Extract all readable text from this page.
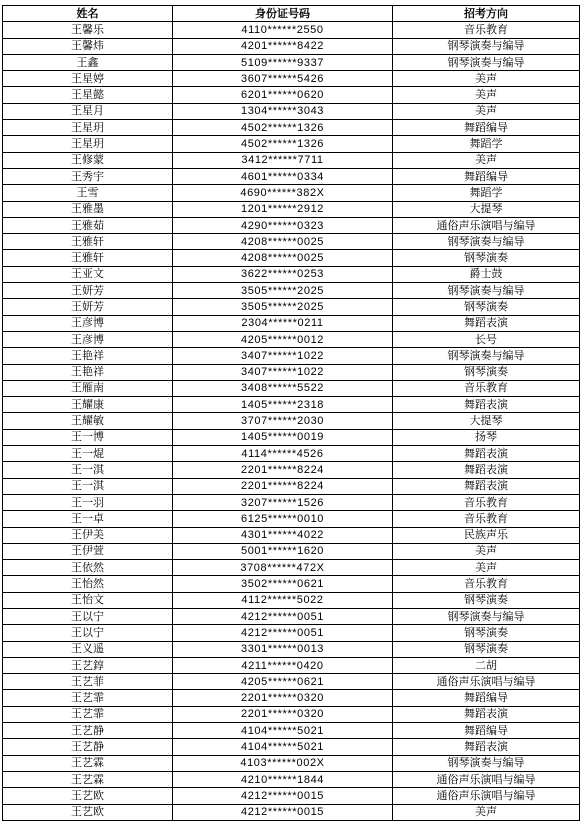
姓名	身份证号码	招考方向
王馨乐	4110******2550	音乐教育
王馨炜	4201******8422	钢琴演奏与编导
王鑫	5109******9337	钢琴演奏与编导
王星婷	3607******5426	美声
王星懿	6201******0620	美声
王星月	1304******3043	美声
王星玥	4502******1326	舞蹈编导
王星玥	4502******1326	舞蹈学
王修蒙	3412******7711	美声
王秀宇	4601******0334	舞蹈编导
王雪	4690******382X	舞蹈学
王雅墨	1201******2912	大提琴
王雅茹	4290******0323	通俗声乐演唱与编导
王雅轩	4208******0025	钢琴演奏与编导
王雅轩	4208******0025	钢琴演奏
王亚文	3622******0253	爵士鼓
王妍芳	3505******2025	钢琴演奏与编导
王妍芳	3505******2025	钢琴演奏
王彦博	2304******0211	舞蹈表演
王彦博	4205******0012	长号
王艳祥	3407******1022	钢琴演奏与编导
王艳祥	3407******1022	钢琴演奏
王雁南	3408******5522	音乐教育
王耀康	1405******2318	舞蹈表演
王耀敏	3707******2030	大提琴
王一博	1405******0019	扬琴
王一焜	4114******4526	舞蹈表演
王一淇	2201******8224	舞蹈表演
王一淇	2201******8224	舞蹈表演
王一羽	3207******1526	音乐教育
王一卓	6125******0010	音乐教育
王伊美	4301******4022	民族声乐
王伊萱	5001******1620	美声
王依然	3708******472X	美声
王怡然	3502******0621	音乐教育
王怡文	4112******5022	钢琴演奏
王以宁	4212******0051	钢琴演奏与编导
王以宁	4212******0051	钢琴演奏
王义遥	3301******0013	钢琴演奏
王艺錞	4211******0420	二胡
王艺菲	4205******0621	通俗声乐演唱与编导
王艺霏	2201******0320	舞蹈编导
王艺霏	2201******0320	舞蹈表演
王艺静	4104******5021	舞蹈编导
王艺静	4104******5021	舞蹈表演
王艺霖	4103******002X	钢琴演奏与编导
王艺霖	4210******1844	通俗声乐演唱与编导
王艺欧	4212******0015	通俗声乐演唱与编导
王艺欧	4212******0015	美声
